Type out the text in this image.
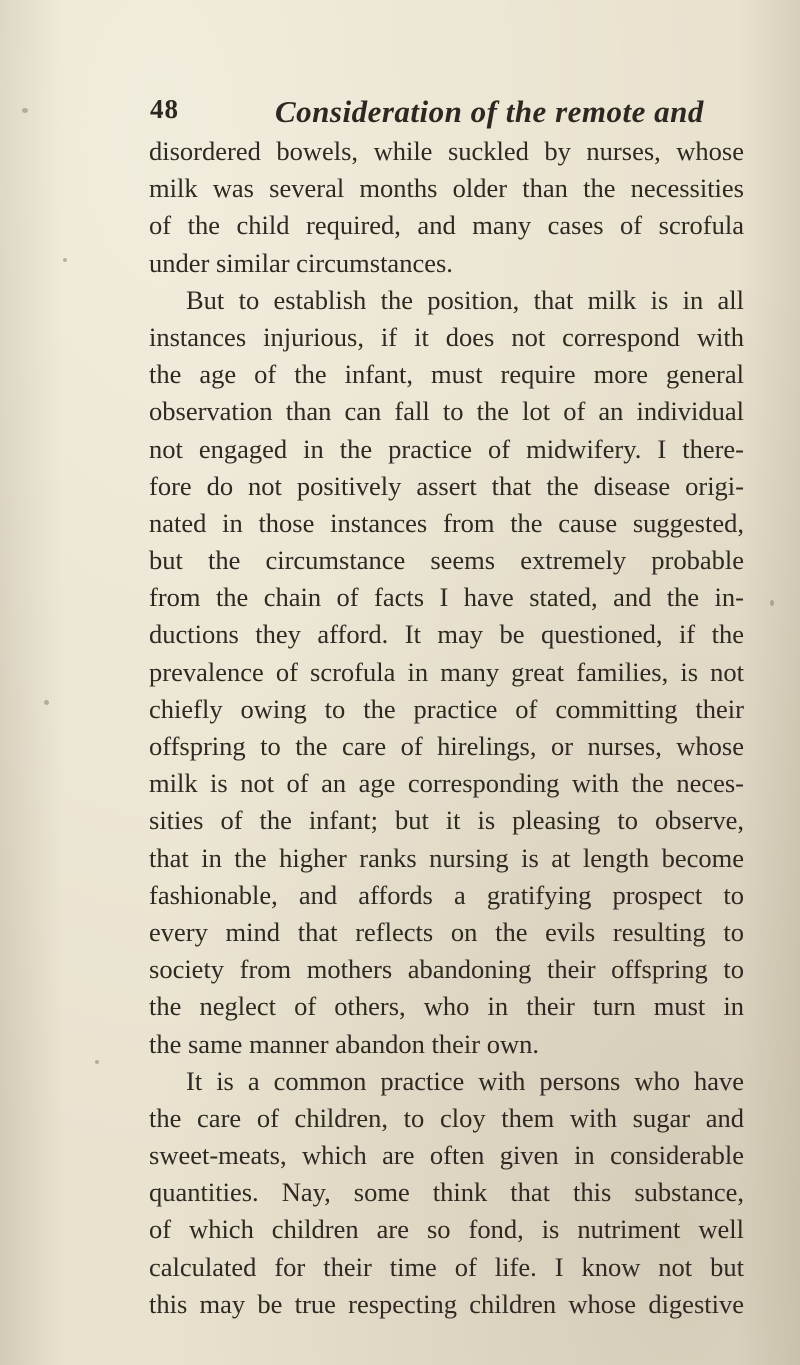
48	Consideration of the remote and
disordered bowels, while suckled by nurses, whose
milk was several months older than the necessities
of the child required, and many cases of scrofula
under similar circumstances.
But to establish the position, that milk is in all
instances injurious, if it does not correspond with
the age of the infant, must require more general
observation than can fall to the lot of an individual
not engaged in the practice of midwifery. I there-
fore do not positively assert that the disease origi-
nated in those instances from the cause suggested,
but the circumstance seems extremely probable
from the chain of facts I have stated, and the in-
ductions they afford. It may be questioned, if the
prevalence of scrofula in many great families, is not
chiefly owing to the practice of committing their
offspring to the care of hirelings, or nurses, whose
milk is not of an age corresponding with the neces-
sities of the infant; but it is pleasing to observe,
that in the higher ranks nursing is at length become
fashionable, and affords a gratifying prospect to
every mind that reflects on the evils resulting to
society from mothers abandoning their offspring to
the neglect of others, who in their turn must in
the same manner abandon their own.
It is a common practice with persons who have
the care of children, to cloy them with sugar and
sweet-meats, which are often given in considerable
quantities. Nay, some think that this substance,
of which children are so fond, is nutriment well
calculated for their time of life. I know not but
this may be true respecting children whose digestive
